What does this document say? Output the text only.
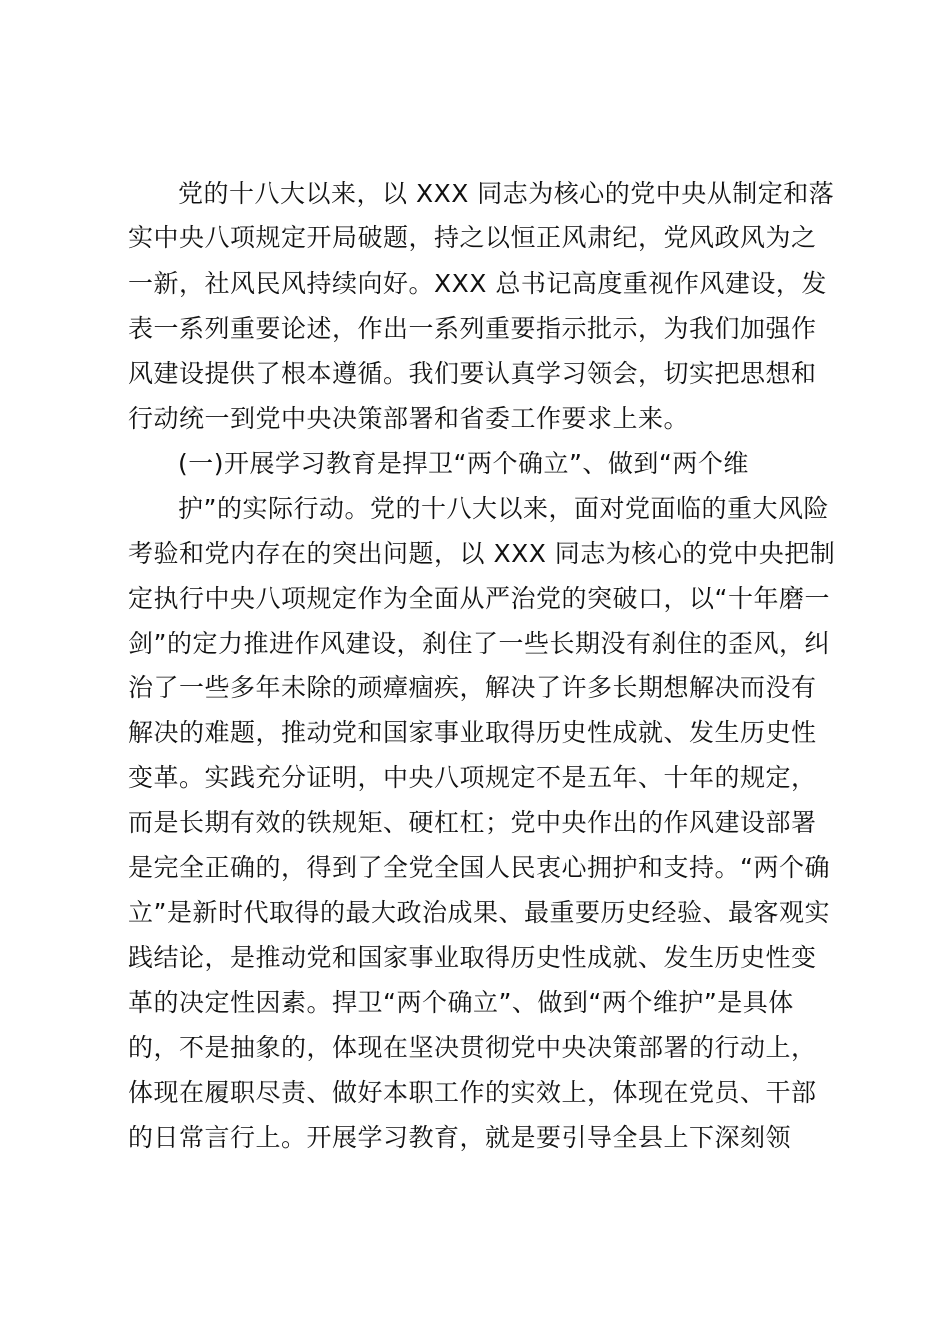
党的十八大以来，以 XXX 同志为核心的党中央从制定和落
实中央八项规定开局破题，持之以恒正风肃纪，党风政风为之
一新，社风民风持续向好。XXX 总书记高度重视作风建设，发
表一系列重要论述，作出一系列重要指示批示，为我们加强作
风建设提供了根本遵循。我们要认真学习领会，切实把思想和
行动统一到党中央决策部署和省委工作要求上来。
(一)开展学习教育是捍卫“两个确立”、做到“两个维
护”的实际行动。党的十八大以来，面对党面临的重大风险
考验和党内存在的突出问题，以 XXX 同志为核心的党中央把制
定执行中央八项规定作为全面从严治党的突破口，以“十年磨一
剑”的定力推进作风建设，刹住了一些长期没有刹住的歪风，纠
治了一些多年未除的顽瘴痼疾，解决了许多长期想解决而没有
解决的难题，推动党和国家事业取得历史性成就、发生历史性
变革。实践充分证明，中央八项规定不是五年、十年的规定，
而是长期有效的铁规矩、硬杠杠；党中央作出的作风建设部署
是完全正确的，得到了全党全国人民衷心拥护和支持。“两个确
立”是新时代取得的最大政治成果、最重要历史经验、最客观实
践结论，是推动党和国家事业取得历史性成就、发生历史性变
革的决定性因素。捍卫“两个确立”、做到“两个维护”是具体
的，不是抽象的，体现在坚决贯彻党中央决策部署的行动上，
体现在履职尽责、做好本职工作的实效上，体现在党员、干部
的日常言行上。开展学习教育，就是要引导全县上下深刻领
